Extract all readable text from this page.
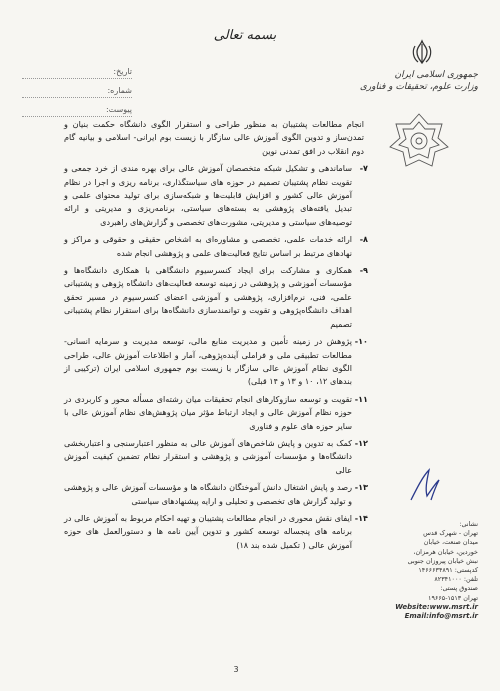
بسمه تعالی
جمهوری اسلامی ایران
وزارت علوم، تحقیقات و فناوری
تاریخ
:
شماره
:
پیوست
:
انجام مطالعات پشتیبان به منظور طراحی و استقرار الگوی دانشگاه حکمت بنیان و تمدن‌ساز و تدوین الگوی آموزش عالی سازگار با زیست بوم ایرانی- اسلامی و بیانیه گام دوم انقلاب در افق تمدنی نوین
۷-
ساماندهی و تشکیل شبکه متخصصان آموزش عالی برای بهره مندی از خرد جمعی و تقویت نظام پشتیبان تصمیم در حوزه های سیاستگذاری، برنامه ریزی و اجرا در نظام آموزش عالی کشور و افزایش قابلیت‌ها و شبکه‌سازی برای تولید محتوای علمی و تبدیل یافته‌های پژوهشی به بسته‌های سیاستی، برنامه‌ریزی و مدیریتی و ارائه توصیه‌های سیاستی و مدیریتی، مشورت‌های تخصصی و گزارش‌های راهبردی
۸-
ارائه خدمات علمی، تخصصی و مشاوره‌ای به اشخاص حقیقی و حقوقی و مراکز و نهادهای مرتبط بر اساس نتایج فعالیت‌های علمی و پژوهشی انجام شده
۹-
همکاری و مشارکت برای ایجاد کنسرسیوم دانشگاهی با همکاری دانشگاه‌ها و مؤسسات آموزشی و پژوهشی در زمینه توسعه فعالیت‌های دانشگاه پژوهی و پشتیبانی علمی، فنی، نرم‌افزاری، پژوهشی و آموزشی اعضای کنسرسیوم در مسیر تحقق اهداف دانشگاه‌پژوهی و تقویت و توانمندسازی دانشگاه‌ها برای استقرار نظام پشتیبانی تصمیم
۱۰-
پژوهش در زمینه تأمین و مدیریت منابع مالی، توسعه مدیریت و سرمایه انسانی- مطالعات تطبیقی ملی و فراملی آینده‌پژوهی، آمار و اطلاعات آموزش عالی، طراحی الگوی نظام آموزش عالی سازگار با زیست بوم جمهوری اسلامی ایران (ترکیبی از بندهای ۱۲، ۱۰ و ۱۳ و ۱۴ قبلی)
۱۱-
تقویت و توسعه سازوکارهای انجام تحقیقات میان رشته‌ای مسأله محور و کاربردی در حوزه نظام آموزش عالی و ایجاد ارتباط مؤثر میان پژوهش‌های نظام آموزش عالی با سایر حوزه های علوم و فناوری
۱۲-
کمک به تدوین و پایش شاخص‌های آموزش عالی به منظور اعتبارسنجی و اعتباربخشی دانشگاه‌ها و مؤسسات آموزشی و پژوهشی و استقرار نظام تضمین کیفیت آموزش عالی
۱۳-
رصد و پایش اشتغال دانش آموختگان دانشگاه ها و مؤسسات آموزش عالی و پژوهشی و تولید گزارش های تخصصی و تحلیلی و ارایه پیشنهادهای سیاستی
۱۴-
ایفای نقش محوری در انجام مطالعات پشتیبان و تهیه احکام مربوط به آموزش عالی در برنامه های پنجساله توسعه کشور و تدوین آیین نامه ها و دستورالعمل های حوزه آموزش عالی ( تکمیل شده بند ۱۸)
نشانی:
تهران - شهرک قدس
میدان صنعت، خیابان
خوردین، خیابان هرمزان،
نبش خیابان پیروزان جنوبی
کدپستی: ۱۴۶۶۶۳۴۸۹۱
تلفن: ۸۲۳۴۱۰۰۰
صندوق پستی:
تهران ۱۵۱۳-۱۹۶۶۵
Website:www.msrt.ir
Email:info@msrt.ir
3
